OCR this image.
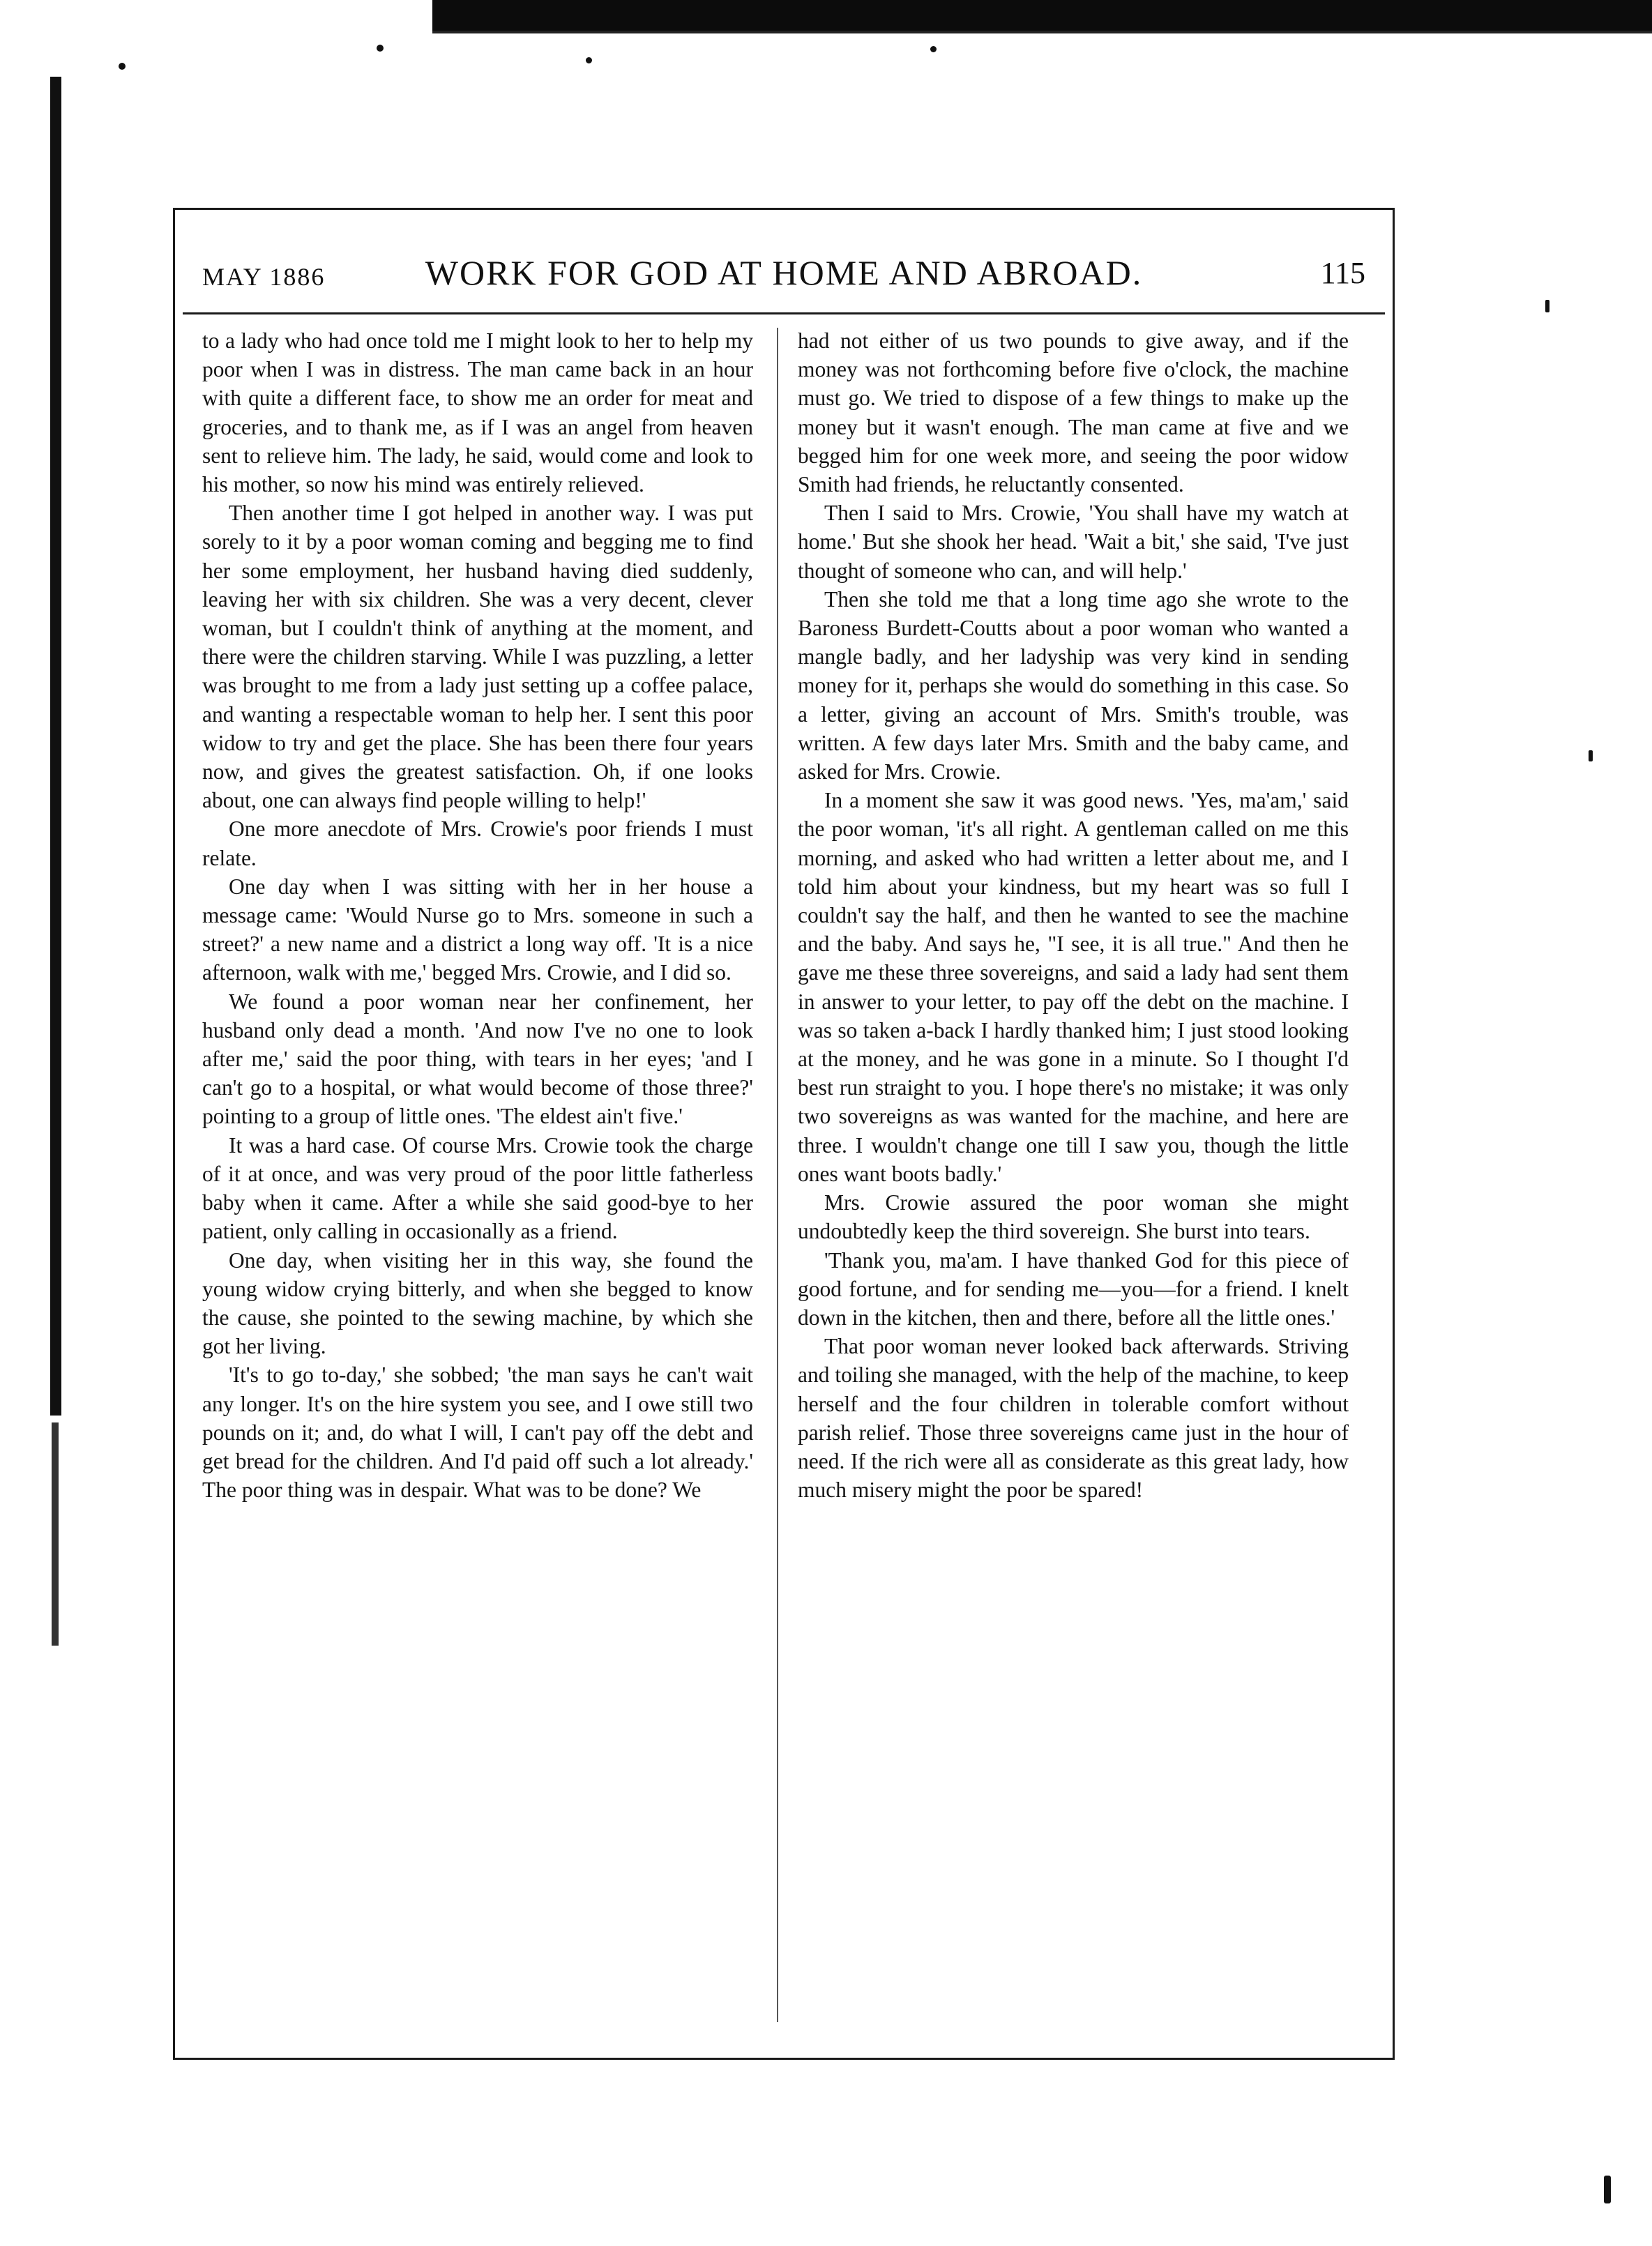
MAY 1886	WORK FOR GOD AT HOME AND ABROAD.	115

to a lady who had once told me I might look to her to help my poor when I was in distress. The man came back in an hour with quite a different face, to show me an order for meat and groceries, and to thank me, as if I was an angel from heaven sent to relieve him. The lady, he said, would come and look to his mother, so now his mind was entirely relieved.

Then another time I got helped in another way. I was put sorely to it by a poor woman coming and begging me to find her some employment, her husband having died suddenly, leaving her with six children. She was a very decent, clever woman, but I couldn't think of anything at the moment, and there were the children starving. While I was puzzling, a letter was brought to me from a lady just setting up a coffee palace, and wanting a respectable woman to help her. I sent this poor widow to try and get the place. She has been there four years now, and gives the greatest satisfaction. Oh, if one looks about, one can always find people willing to help!'

One more anecdote of Mrs. Crowie's poor friends I must relate.

One day when I was sitting with her in her house a message came: 'Would Nurse go to Mrs. someone in such a street?' a new name and a district a long way off. 'It is a nice afternoon, walk with me,' begged Mrs. Crowie, and I did so.

We found a poor woman near her confinement, her husband only dead a month. 'And now I've no one to look after me,' said the poor thing, with tears in her eyes; 'and I can't go to a hospital, or what would become of those three?' pointing to a group of little ones. 'The eldest ain't five.'

It was a hard case. Of course Mrs. Crowie took the charge of it at once, and was very proud of the poor little fatherless baby when it came. After a while she said good-bye to her patient, only calling in occasionally as a friend.

One day, when visiting her in this way, she found the young widow crying bitterly, and when she begged to know the cause, she pointed to the sewing machine, by which she got her living.

'It's to go to-day,' she sobbed; 'the man says he can't wait any longer. It's on the hire system you see, and I owe still two pounds on it; and, do what I will, I can't pay off the debt and get bread for the children. And I'd paid off such a lot already.' The poor thing was in despair. What was to be done? We

had not either of us two pounds to give away, and if the money was not forthcoming before five o'clock, the machine must go. We tried to dispose of a few things to make up the money but it wasn't enough. The man came at five and we begged him for one week more, and seeing the poor widow Smith had friends, he reluctantly consented.

Then I said to Mrs. Crowie, 'You shall have my watch at home.' But she shook her head. 'Wait a bit,' she said, 'I've just thought of someone who can, and will help.'

Then she told me that a long time ago she wrote to the Baroness Burdett-Coutts about a poor woman who wanted a mangle badly, and her ladyship was very kind in sending money for it, perhaps she would do something in this case. So a letter, giving an account of Mrs. Smith's trouble, was written. A few days later Mrs. Smith and the baby came, and asked for Mrs. Crowie.

In a moment she saw it was good news. 'Yes, ma'am,' said the poor woman, 'it's all right. A gentleman called on me this morning, and asked who had written a letter about me, and I told him about your kindness, but my heart was so full I couldn't say the half, and then he wanted to see the machine and the baby. And says he, "I see, it is all true." And then he gave me these three sovereigns, and said a lady had sent them in answer to your letter, to pay off the debt on the machine. I was so taken a-back I hardly thanked him; I just stood looking at the money, and he was gone in a minute. So I thought I'd best run straight to you. I hope there's no mistake; it was only two sovereigns as was wanted for the machine, and here are three. I wouldn't change one till I saw you, though the little ones want boots badly.'

Mrs. Crowie assured the poor woman she might undoubtedly keep the third sovereign. She burst into tears.

'Thank you, ma'am. I have thanked God for this piece of good fortune, and for sending me—you—for a friend. I knelt down in the kitchen, then and there, before all the little ones.'

That poor woman never looked back afterwards. Striving and toiling she managed, with the help of the machine, to keep herself and the four children in tolerable comfort without parish relief. Those three sovereigns came just in the hour of need. If the rich were all as considerate as this great lady, how much misery might the poor be spared!
